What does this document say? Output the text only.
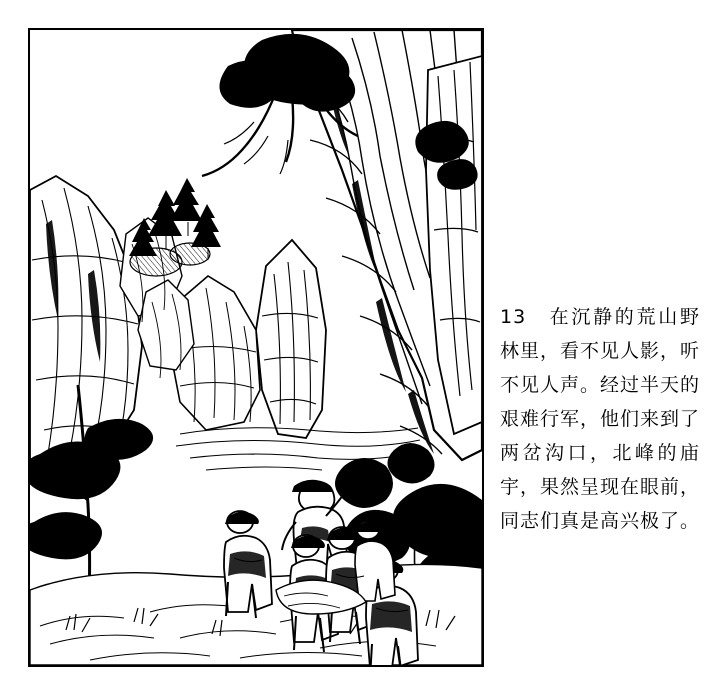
13　在沉静的荒山野林里，看不见人影，听不见人声。经过半天的艰难行军，他们来到了两岔沟口，北峰的庙宇，果然呈现在眼前，同志们真是高兴极了。
